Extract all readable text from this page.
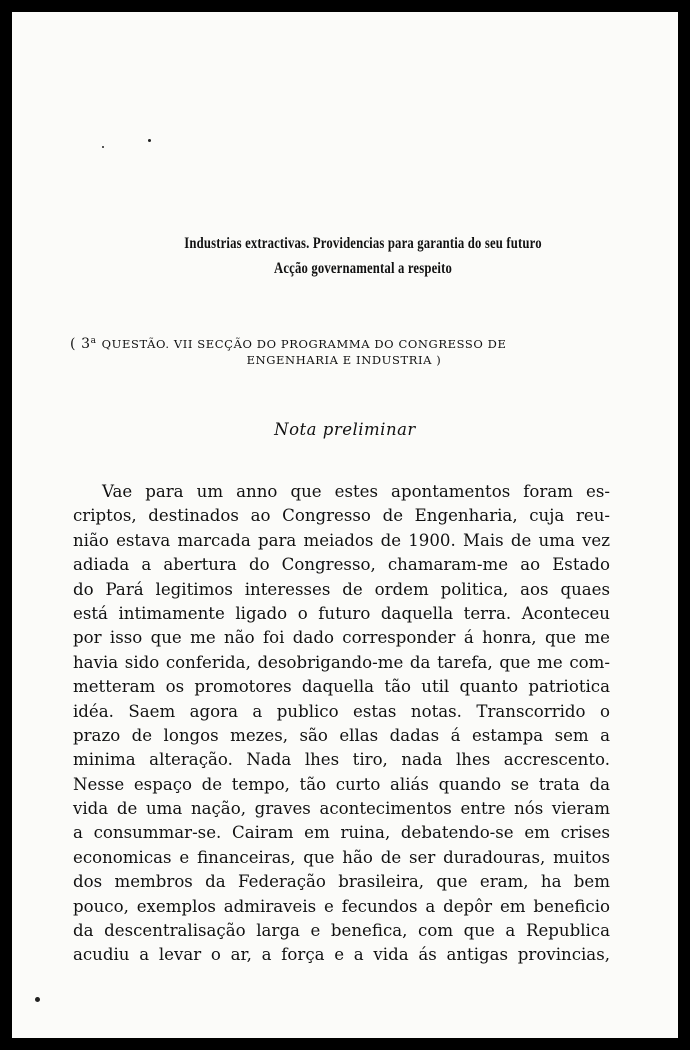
Industrias extractivas. Providencias para garantia do seu futuro
Acção governamental a respeito
( 3$^a$ QUESTÃO. VII SECÇÃO DO PROGRAMMA DO CONGRESSO DE
ENGENHARIA E INDUSTRIA )
Nota preliminar
Vae para um anno que estes apontamentos foram es-
criptos, destinados ao Congresso de Engenharia, cuja reu-
nião estava marcada para meiados de 1900. Mais de uma vez
adiada a abertura do Congresso, chamaram-me ao Estado
do Pará legitimos interesses de ordem politica, aos quaes
está intimamente ligado o futuro daquella terra. Aconteceu
por isso que me não foi dado corresponder á honra, que me
havia sido conferida, desobrigando-me da tarefa, que me com-
metteram os promotores daquella tão util quanto patriotica
idéa. Saem agora a publico estas notas. Transcorrido o
prazo de longos mezes, são ellas dadas á estampa sem a
minima alteração. Nada lhes tiro, nada lhes accrescento.
Nesse espaço de tempo, tão curto aliás quando se trata da
vida de uma nação, graves acontecimentos entre nós vieram
a consummar-se. Cairam em ruina, debatendo-se em crises
economicas e financeiras, que hão de ser duradouras, muitos
dos membros da Federação brasileira, que eram, ha bem
pouco, exemplos admiraveis e fecundos a depôr em beneficio
da descentralisação larga e benefica, com que a Republica
acudiu a levar o ar, a força e a vida ás antigas provincias,
